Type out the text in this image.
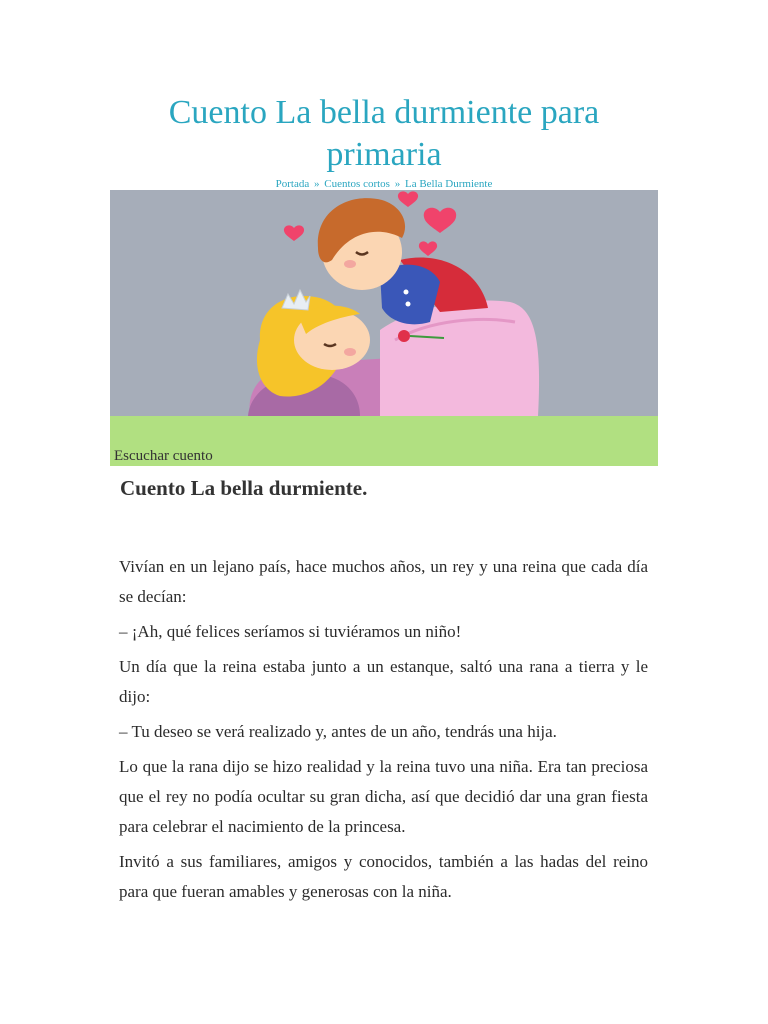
Cuento La bella durmiente para primaria
Portada » Cuentos cortos » La Bella Durmiente
Escuchar cuento
Cuento La bella durmiente.

Vivían en un lejano país, hace muchos años, un rey y una reina que cada día se decían:

– ¡Ah, qué felices seríamos si tuviéramos un niño!

Un día que la reina estaba junto a un estanque, saltó una rana a tierra y le dijo:

– Tu deseo se verá realizado y, antes de un año, tendrás una hija.

Lo que la rana dijo se hizo realidad y la reina tuvo una niña. Era tan preciosa que el rey no podía ocultar su gran dicha, así que decidió dar una gran fiesta para celebrar el nacimiento de la princesa.

Invitó a sus familiares, amigos y conocidos, también a las hadas del reino para que fueran amables y generosas con la niña.
